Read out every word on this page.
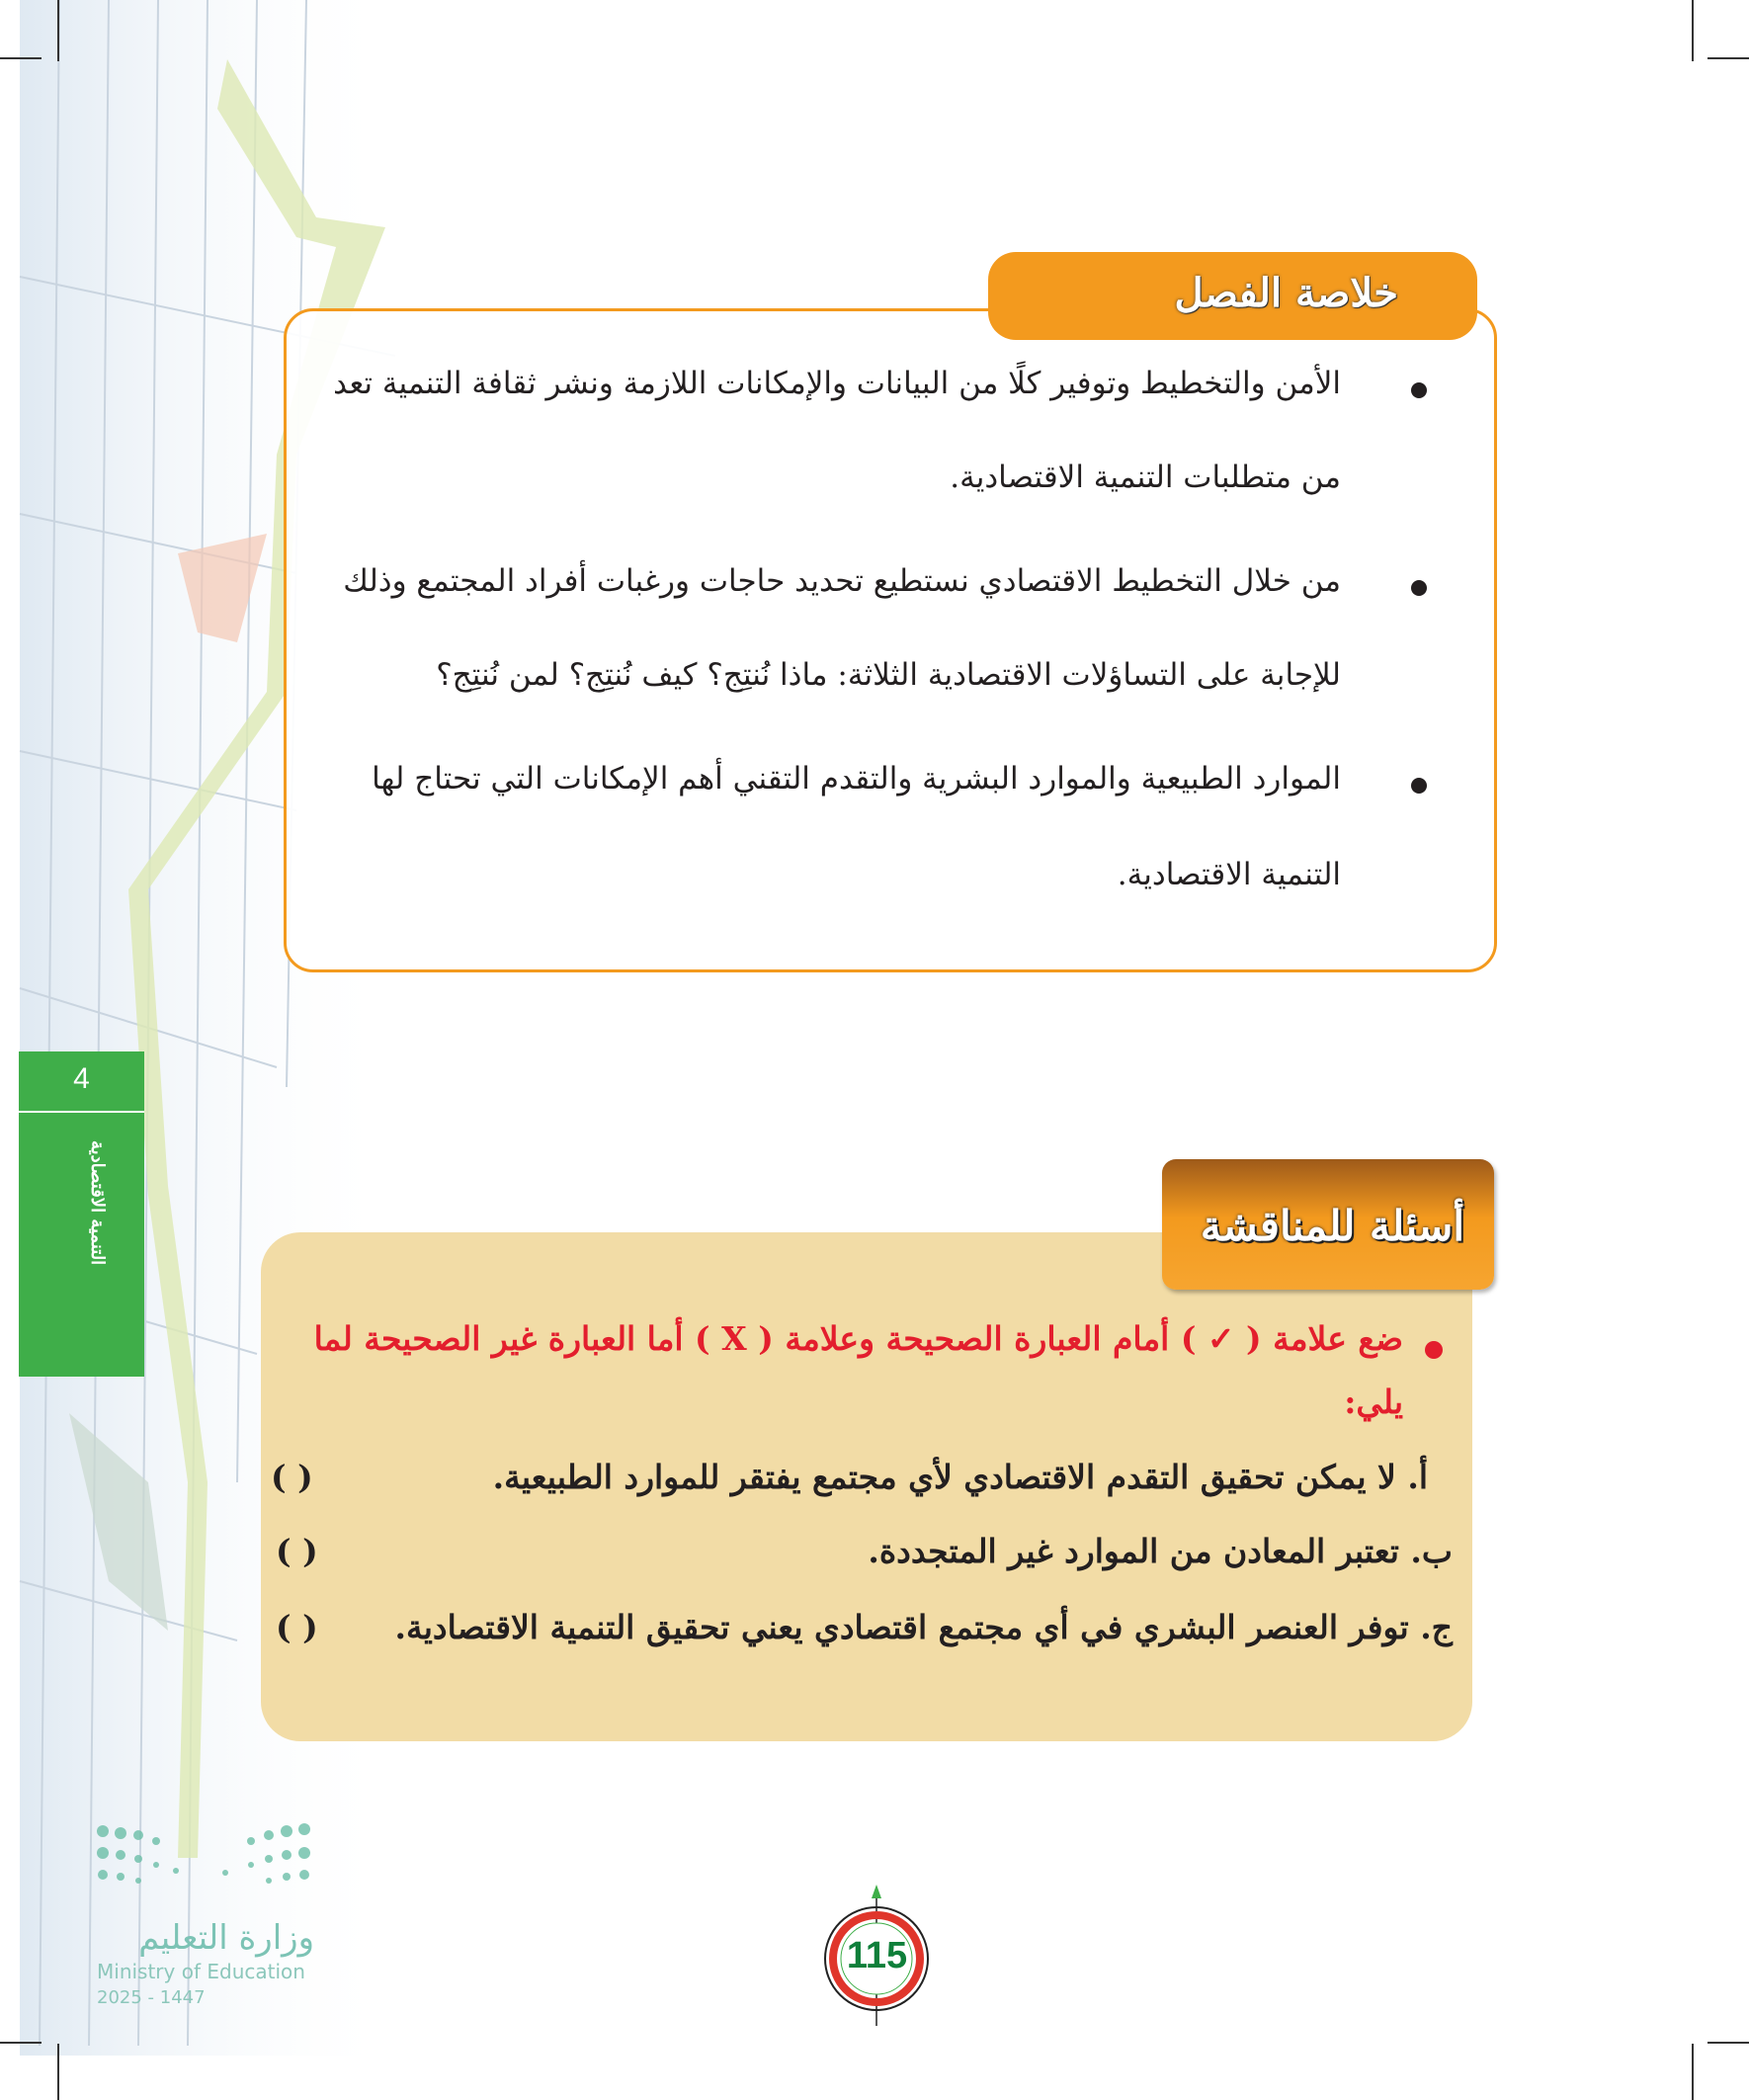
الأمن والتخطيط وتوفير كلًا من البيانات والإمكانات اللازمة ونشر ثقافة التنمية تعد
من متطلبات التنمية الاقتصادية.
من خلال التخطيط الاقتصادي نستطيع تحديد حاجات ورغبات أفراد المجتمع وذلك
للإجابة على التساؤلات الاقتصادية الثلاثة: ماذا نُنتِج؟ كيف نُنتِج؟ لمن نُنتِج؟
الموارد الطبيعية والموارد البشرية والتقدم التقني أهم الإمكانات التي تحتاج لها
التنمية الاقتصادية.
خلاصة الفصل
4
التنمية الاقتصادية
ضع علامة ( ✓ ) أمام العبارة الصحيحة وعلامة ( X ) أما العبارة غير الصحيحة لما
يلي:
أ. لا يمكن تحقيق التقدم الاقتصادي لأي مجتمع يفتقر للموارد الطبيعية.
( )
ب. تعتبر المعادن من الموارد غير المتجددة.
( )
ج. توفر العنصر البشري في أي مجتمع اقتصادي يعني تحقيق التنمية الاقتصادية.
( )
أسئلة للمناقشة
وزارة التعليم
Ministry of Education
2025 - 1447
115
